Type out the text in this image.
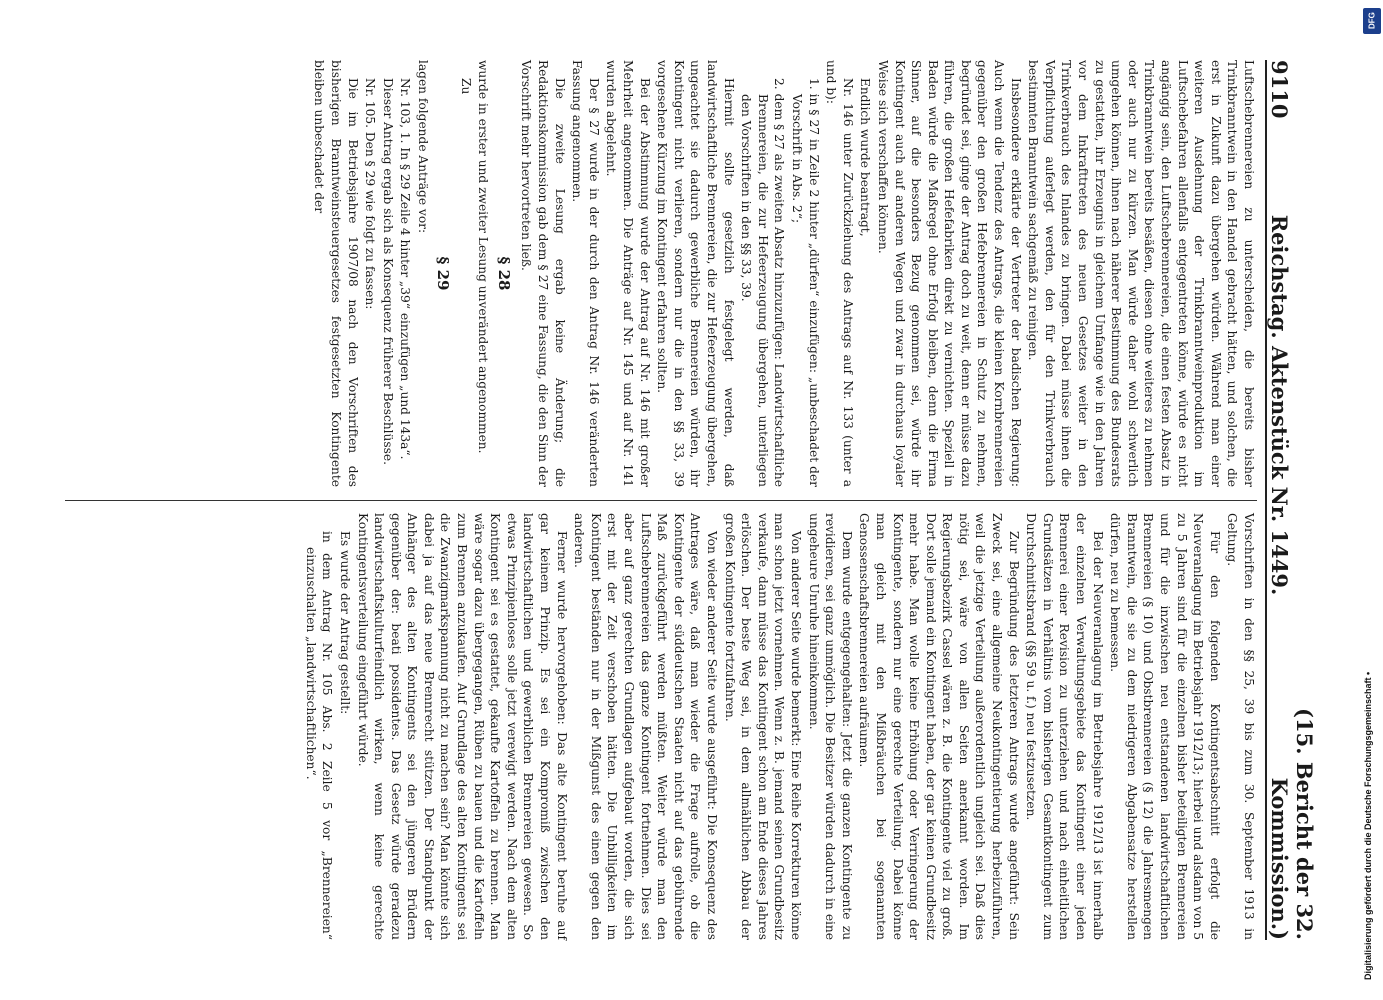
9110
Reichstag. Aktenstück Nr. 1449.
(15. Bericht der 32. Kommission.)

Luftschebrennereien zu unterscheiden, die bereits bisher Trinkbranntwein in den Handel gebracht hätten, und solchen, die erst in Zukunft dazu übergehen würden. Während man einer weiteren Ausdehnung der Trinkbranntweinproduktion im Luftschebefahren allenfalls entgegentreten könne, würde es nicht angängig sein, den Luftschebrennereien, die einen festen Absatz in Trinkbranntwein bereits besäßen, diesen ohne weiteres zu nehmen oder auch nur zu kürzen. Man würde daher wohl schwerlich umgehen können, ihnen nach näherer Bestimmung des Bundesrats zu gestatten, ihr Erzeugnis in gleichem Umfange wie in den Jahren vor dem Inkrafttreten des neuen Gesetzes weiter in den Trinkverbrauch des Inlandes zu bringen. Dabei müsse ihnen die Verpflichtung auferlegt werden, den für den Trinkverbrauch bestimmten Branntwein sachgemäß zu reinigen.

Insbesondere erklärte der Vertreter der badischen Regierung: Auch wenn die Tendenz des Antrags, die kleinen Kornbrennereien gegenüber den großen Hefebrennereien in Schutz zu nehmen, begründet sei, ginge der Antrag doch zu weit, denn er müsse dazu führen, die großen Hefefabriken direkt zu vernichten. Speziell in Baden würde die Maßregel ohne Erfolg bleiben, denn die Firma Sinner, auf die besonders Bezug genommen sei, würde ihr Kontingent auch auf anderen Wegen und zwar in durchaus loyaler Weise sich verschaffen können.

Endlich wurde beantragt,

Nr. 146 unter Zurückziehung des Antrags auf Nr. 133 (unter a und b):

1. in § 27 in Zeile 2 hinter „dürfen“ einzufügen: „unbeschadet der Vorschrift in Abs. 2“;

2. dem § 27 als zweiten Absatz hinzuzufügen: Landwirtschaftliche Brennereien, die zur Hefeerzeugung übergehen, unterliegen den Vorschriften in den §§ 33, 39.

Hiermit sollte gesetzlich festgelegt werden, daß landwirtschaftliche Brennereien, die zur Hefeerzeugung übergehen, ungeachtet sie dadurch gewerbliche Brennereien würden, ihr Kontingent nicht verlieren, sondern nur die in den §§ 33, 39 vorgesehene Kürzung im Kontingent erfahren sollten.

Bei der Abstimmung wurde der Antrag auf Nr. 146 mit großer Mehrheit angenommen. Die Anträge auf Nr. 145 und auf Nr. 141 wurden abgelehnt.

Der § 27 wurde in der durch den Antrag Nr. 146 veränderten Fassung angenommen.

Die zweite Lesung ergab keine Änderung; die Redaktionskommission gab dem § 27 eine Fassung, die den Sinn der Vorschrift mehr hervortreten ließ.

§ 28

wurde in erster und zweiter Lesung unverändert angenommen.

Zu

§ 29

lagen folgende Anträge vor:

Nr. 103, 1. In § 29 Zeile 4 hinter „39“ einzufügen „und 143a“.

Dieser Antrag ergab sich als Konsequenz früherer Beschlüsse.

Nr. 105. Den § 29 wie folgt zu fassen:

Die im Betriebsjahre 1907/08 nach den Vorschriften des bisherigen Branntweinsteuergesetzes festgesetzten Kontingente bleiben unbeschadet der

Vorschriften in den §§ 25, 39 bis zum 30. September 1913 in Geltung.

Für den folgenden Kontingentsabschnitt erfolgt die Neuveranlagung im Betriebsjahr 1912/13; hierbei und alsdann von 5 zu 5 Jahren sind für die einzelnen bisher beteiligten Brennereien und für die inzwischen neu entstandenen landwirtschaftlichen Brennereien (§ 10) und Obstbrennereien (§ 12) die Jahresmengen Branntwein, die sie zu dem niedrigeren Abgabensatze herstellen dürfen, neu zu bemessen.

Bei der Neuveranlagung im Betriebsjahre 1912/13 ist innerhalb der einzelnen Verwaltungsgebiete das Kontingent einer jeden Brennerei einer Revision zu unterziehen und nach einheitlichen Grundsätzen in Verhältnis vom bisherigen Gesamtkontingent zum Durchschnittsbrand (§§ 59 u. f.) neu festzusetzen.

Zur Begründung des letzteren Antrags wurde angeführt: Sein Zweck sei, eine allgemeine Neukontingentierung herbeizuführen, weil die jetzige Verteilung außerordentlich ungleich sei. Daß dies nötig sei, wäre von allen Seiten anerkannt worden. Im Regierungsbezirk Cassel wären z. B. die Kontingente viel zu groß. Dort solle jemand ein Kontingent haben, der gar keinen Grundbesitz mehr habe. Man wolle keine Erhöhung oder Verringerung der Kontingente, sondern nur eine gerechte Verteilung. Dabei könne man gleich mit den Mißbräuchen bei sogenannten Genossenschaftsbrennereien aufräumen.

Dem wurde entgegengehalten: Jetzt die ganzen Kontingente zu revidieren, sei ganz unmöglich. Die Besitzer würden dadurch in eine ungeheure Unruhe hineinkommen.

Von anderer Seite wurde bemerkt: Eine Reihe Korrekturen könne man schon jetzt vornehmen. Wenn z. B. jemand seinen Grundbesitz verkaufe, dann müsse das Kontingent schon am Ende dieses Jahres erlöschen. Der beste Weg sei, in dem allmählichen Abbau der großen Kontingente fortzufahren.

Von wieder anderer Seite wurde ausgeführt: Die Konsequenz des Antrages wäre, daß man wieder die Frage aufrolle, ob die Kontingente der süddeutschen Staaten nicht auf das gebührende Maß zurückgeführt werden müßten. Weiter würde man den Luftschebrennereien das ganze Kontingent fortnehmen. Dies sei aber auf ganz gerechten Grundlagen aufgebaut worden, die sich erst mit der Zeit verschoben hätten. Die Unbilligkeiten im Kontingent beständen nur in der Mißgunst des einen gegen den anderen.

Ferner wurde hervorgehoben: Das alte Kontingent beruhe auf gar keinem Prinzip. Es sei ein Kompromiß zwischen den landwirtschaftlichen und gewerblichen Brennereien gewesen. So etwas Prinzipienloses solle jetzt verewigt werden. Nach dem alten Kontingent sei es gestattet, gekaufte Kartoffeln zu brennen. Man wäre sogar dazu übergegangen, Rüben zu bauen und die Kartoffeln zum Brennen anzukaufen. Auf Grundlage des alten Kontingents sei die Zwanzigmarkspannung nicht zu machen sein? Man könnte sich dabei ja auf das neue Brennrecht stützen. Der Standpunkt der Anhänger des alten Kontingents sei den jüngeren Brüdern gegenüber der: beati possidentes. Das Gesetz würde geradezu landwirtschaftskulturfeindlich wirken, wenn keine gerechte Kontingentsverteilung eingeführt würde.

Es wurde der Antrag gestellt:

in dem Antrag Nr. 105 Abs. 2 Zeile 5 vor „Brennereien“ einzuschalten „landwirtschaftlichen“.

DFG
Digitalisierung gefördert durch die Deutsche Forschungsgemeinschaft •
